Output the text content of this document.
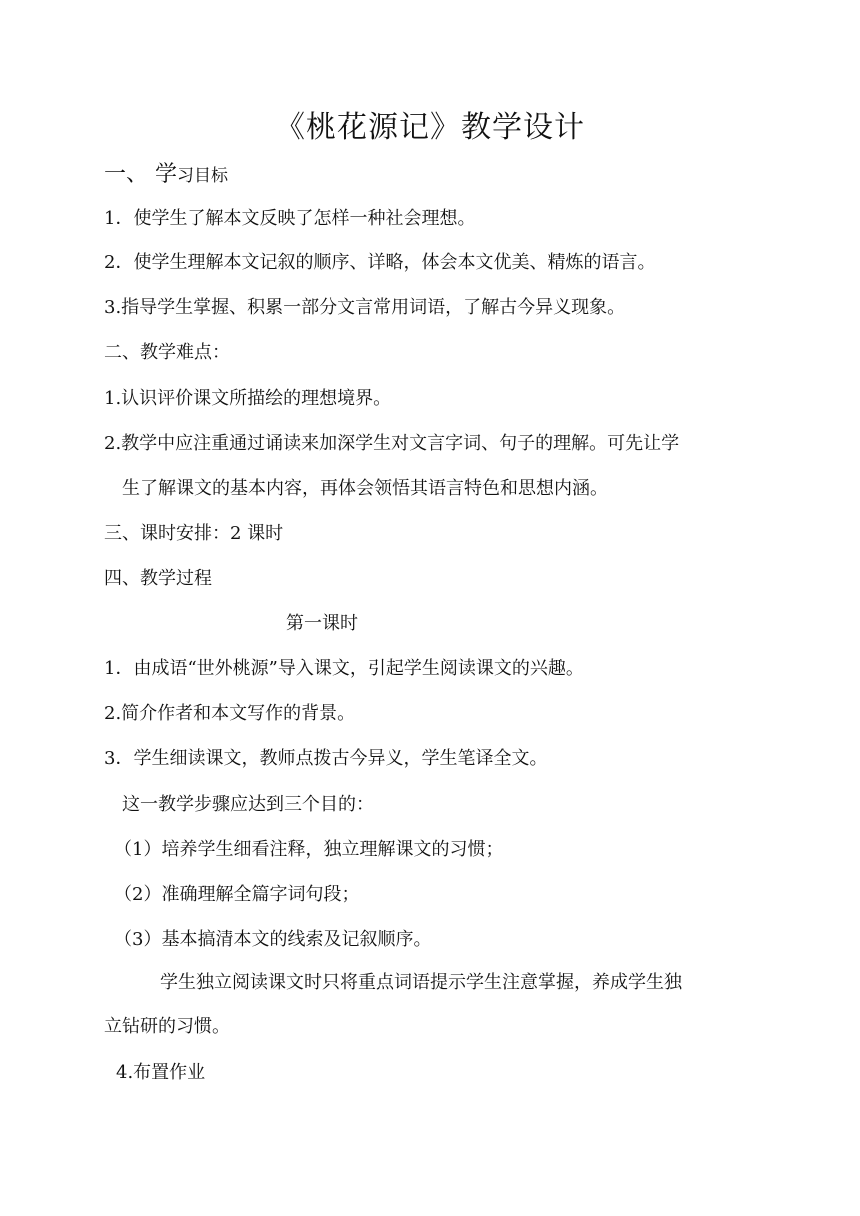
《桃花源记》教学设计
一、 学习目标
1．使学生了解本文反映了怎样一种社会理想。
2．使学生理解本文记叙的顺序、详略，体会本文优美、精炼的语言。
3.指导学生掌握、积累一部分文言常用词语，了解古今异义现象。
二、教学难点：
1.认识评价课文所描绘的理想境界。
2.教学中应注重通过诵读来加深学生对文言字词、句子的理解。可先让学
生了解课文的基本内容，再体会领悟其语言特色和思想内涵。
三、课时安排：2 课时
四、教学过程
第一课时
1．由成语“世外桃源”导入课文，引起学生阅读课文的兴趣。
2.简介作者和本文写作的背景。
3．学生细读课文，教师点拨古今异义，学生笔译全文。
这一教学步骤应达到三个目的：
（1）培养学生细看注释，独立理解课文的习惯；
（2）准确理解全篇字词句段；
（3）基本搞清本文的线索及记叙顺序。
学生独立阅读课文时只将重点词语提示学生注意掌握，养成学生独
立钻研的习惯。
4.布置作业
